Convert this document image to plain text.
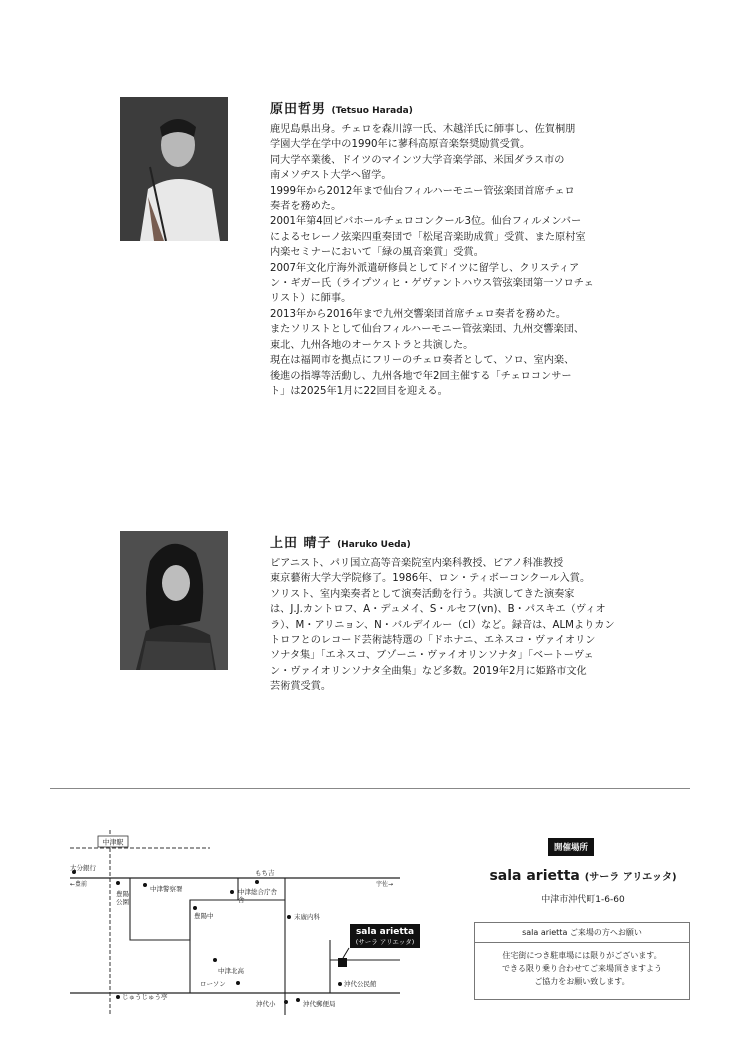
原田哲男 (Tetsuo Harada)
鹿児島県出身。チェロを森川諄一氏、木越洋氏に師事し、佐賀桐朋
学園大学在学中の1990年に蓼科高原音楽祭奨励賞受賞。
同大学卒業後、ドイツのマインツ大学音楽学部、米国ダラス市の
南メソヂスト大学へ留学。
1999年から2012年まで仙台フィルハーモニー管弦楽団首席チェロ
奏者を務めた。
2001年第4回ビバホールチェロコンクール3位。仙台フィルメンバー
によるセレーノ弦楽四重奏団で「松尾音楽助成賞」受賞、また原村室
内楽セミナーにおいて「緑の風音楽賞」受賞。
2007年文化庁海外派遣研修員としてドイツに留学し、クリスティア
ン・ギガー氏（ライプツィヒ・ゲヴァントハウス管弦楽団第一ソロチェ
リスト）に師事。
2013年から2016年まで九州交響楽団首席チェロ奏者を務めた。
またソリストとして仙台フィルハーモニー管弦楽団、九州交響楽団、
東北、九州各地のオーケストラと共演した。
現在は福岡市を拠点にフリーのチェロ奏者として、ソロ、室内楽、
後進の指導等活動し、九州各地で年2回主催する「チェロコンサー
ト」は2025年1月に22回目を迎える。
上田 晴子 (Haruko Ueda)
ピアニスト、パリ国立高等音楽院室内楽科教授、ピアノ科准教授
東京藝術大学大学院修了。1986年、ロン・ティボーコンクール入賞。
ソリスト、室内楽奏者として演奏活動を行う。共演してきた演奏家
は、J.J.カントロフ、A・デュメイ、S・ルセフ(vn)、B・パスキエ（ヴィオ
ラ）、M・アリニョン、N・バルデイルー（cl）など。録音は、ALMよりカン
トロフとのレコード芸術誌特選の「ドホナニ、エネスコ・ヴァイオリン
ソナタ集」「エネスコ、ブゾーニ・ヴァイオリンソナタ」「ベートーヴェ
ン・ヴァイオリンソナタ全曲集」など多数。2019年2月に姫路市文化
芸術賞受賞。
中津駅
大分銀行
←豊前
豊陽
公園
中津警察署
もち吉
宇佐→
中津総合庁舎
舎
豊陽中	末廣内科
中津北高
ローソン
じゅうじゅう亭
沖代公民館
沖代小	沖代郵便局
sala arietta
(サーラ アリエッタ)
開催場所
sala arietta (サーラ アリエッタ)
中津市沖代町1-6-60
sala arietta ご来場の方へお願い
住宅街につき駐車場には限りがございます。
できる限り乗り合わせてご来場頂きますよう
ご協力をお願い致します。
